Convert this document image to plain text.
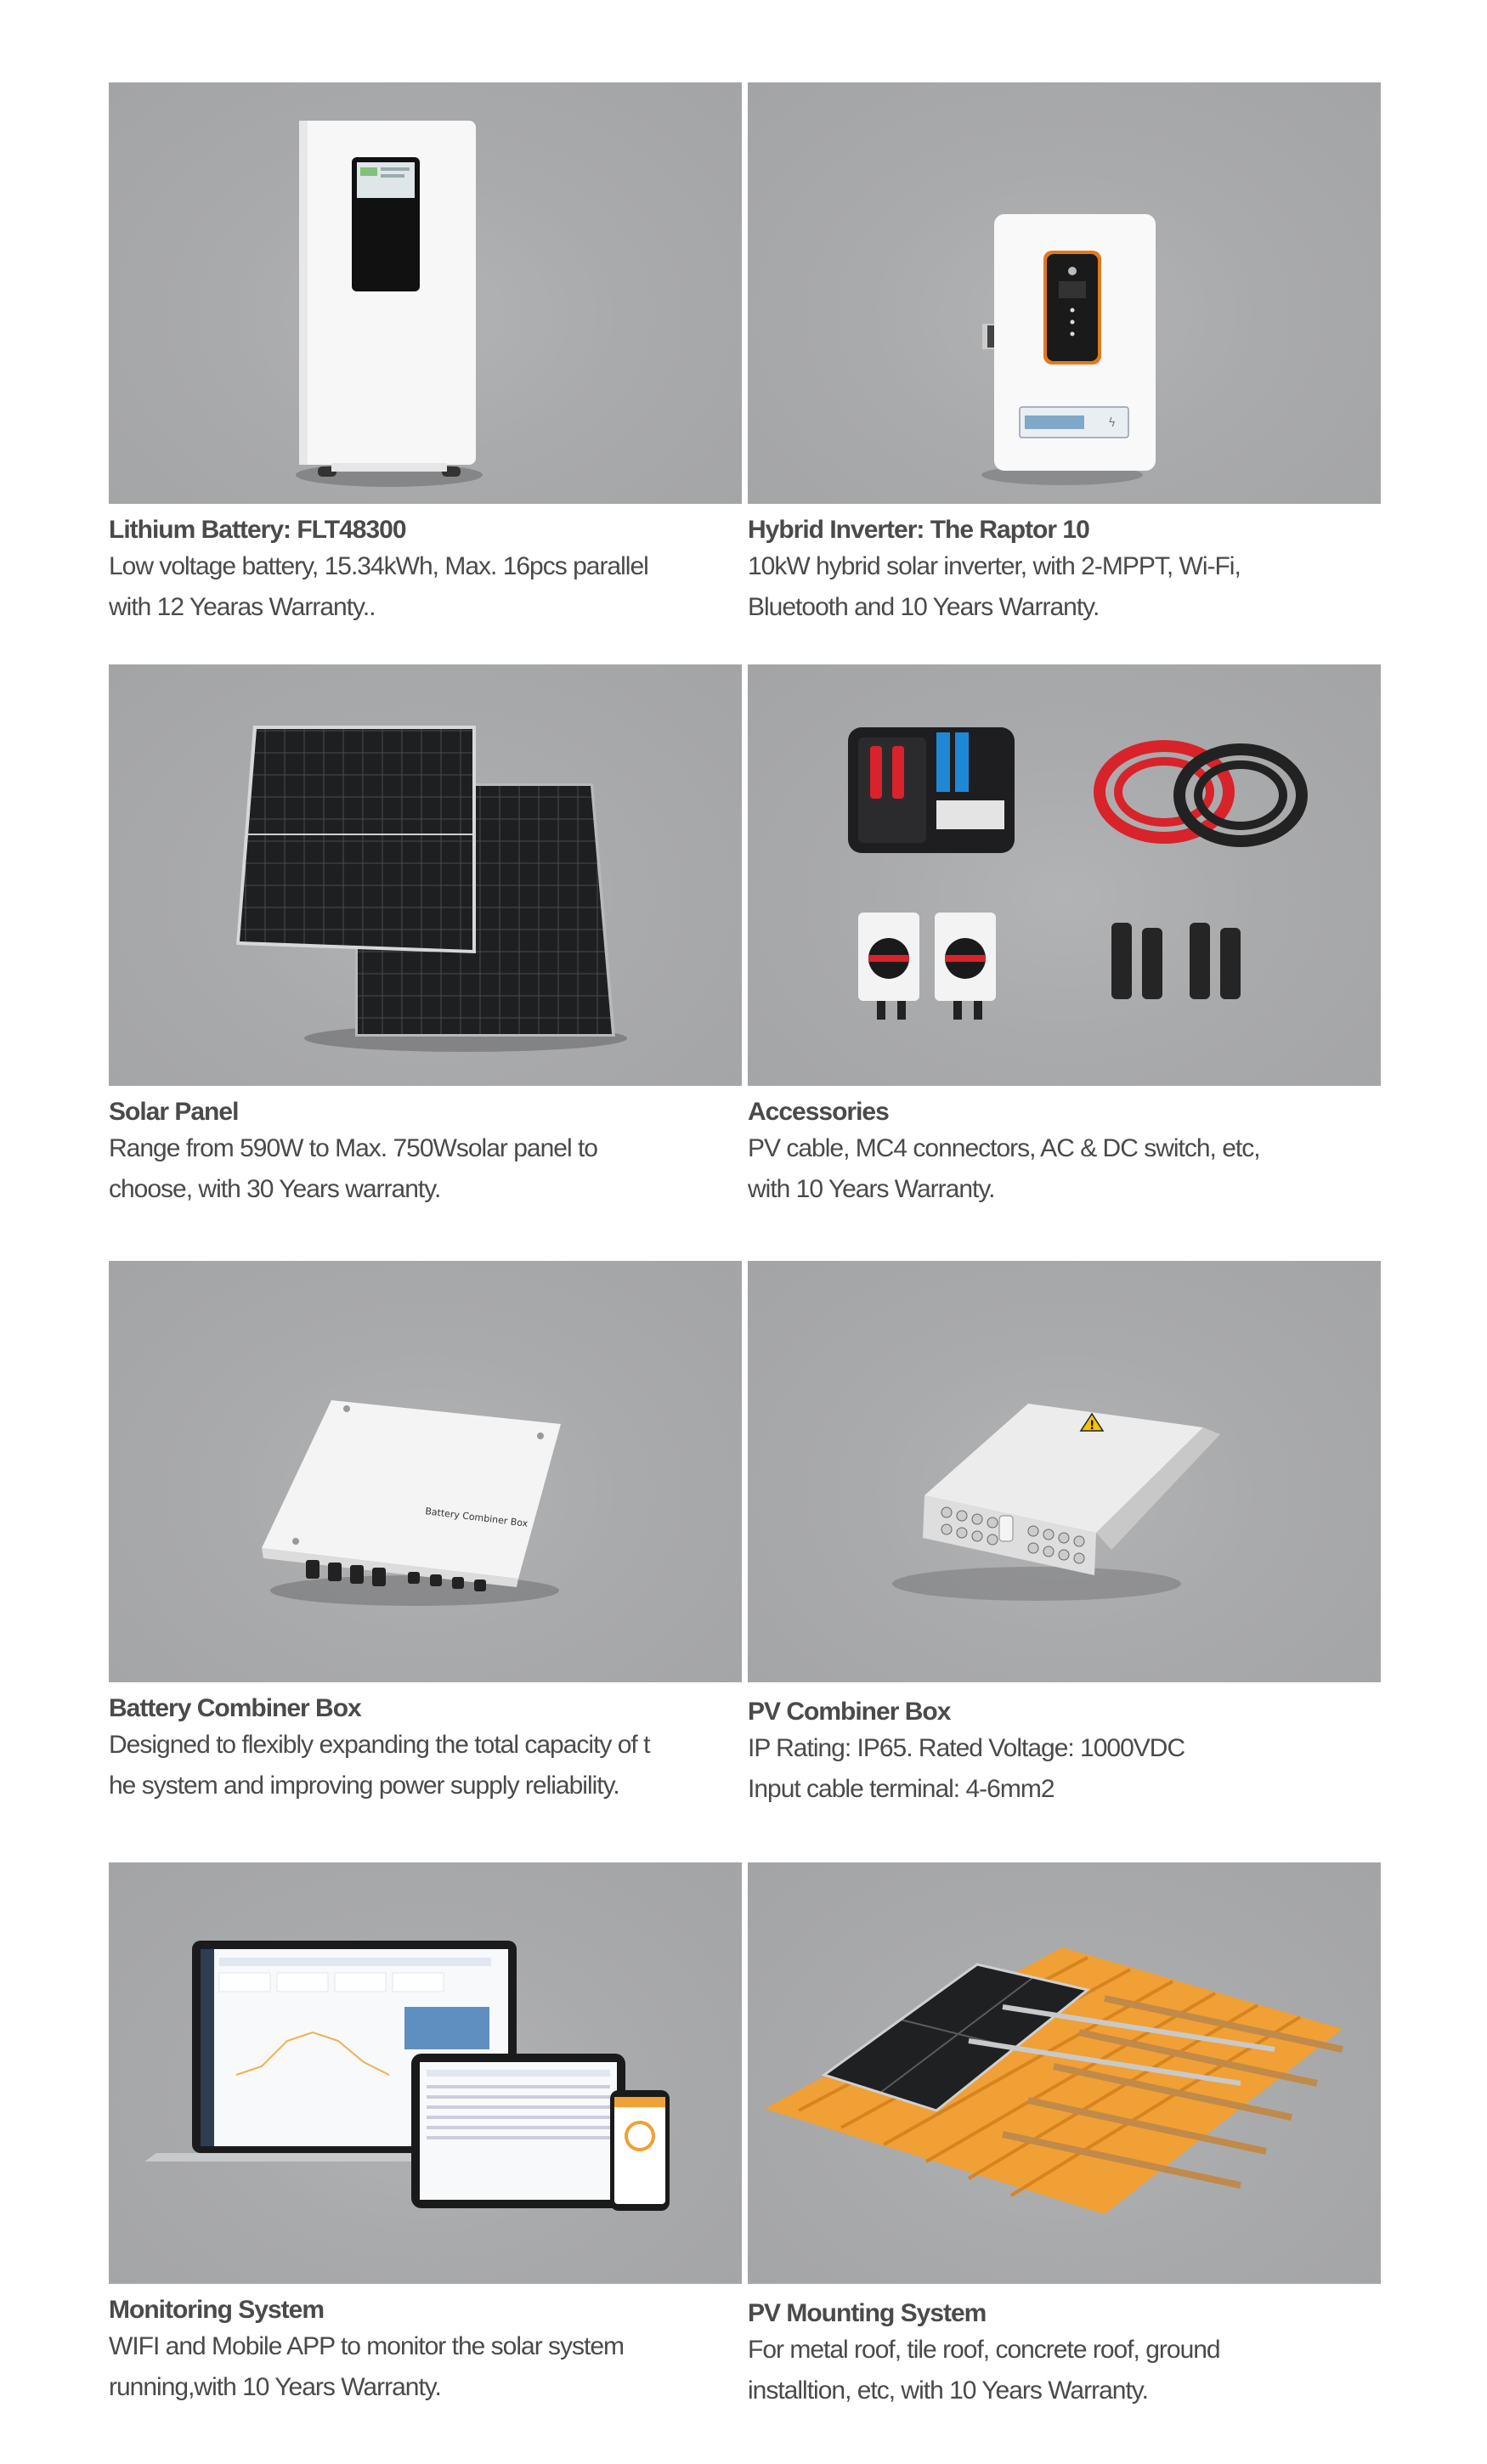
Lithium Battery: FLT48300
Low voltage battery, 15.34kWh, Max. 16pcs parallel
with 12 Yearas Warranty..
ϟ
Hybrid Inverter: The Raptor 10
10kW hybrid solar inverter, with 2-MPPT, Wi-Fi,
Bluetooth and 10 Years Warranty.
Solar Panel
Range from 590W to Max. 750Wsolar panel to
choose, with 30 Years warranty.
Accessories
PV cable, MC4 connectors, AC & DC switch, etc,
with 10 Years Warranty.
Battery Combiner Box
Battery Combiner Box
Designed to flexibly expanding the total capacity of t
he system and improving power supply reliability.
!
PV Combiner Box
IP Rating: IP65. Rated Voltage: 1000VDC
Input cable terminal: 4-6mm2
Monitoring System
WIFI and Mobile APP to monitor the solar system
running,with 10 Years Warranty.
PV Mounting System
For metal roof, tile roof, concrete roof, ground
installtion, etc, with 10 Years Warranty.
